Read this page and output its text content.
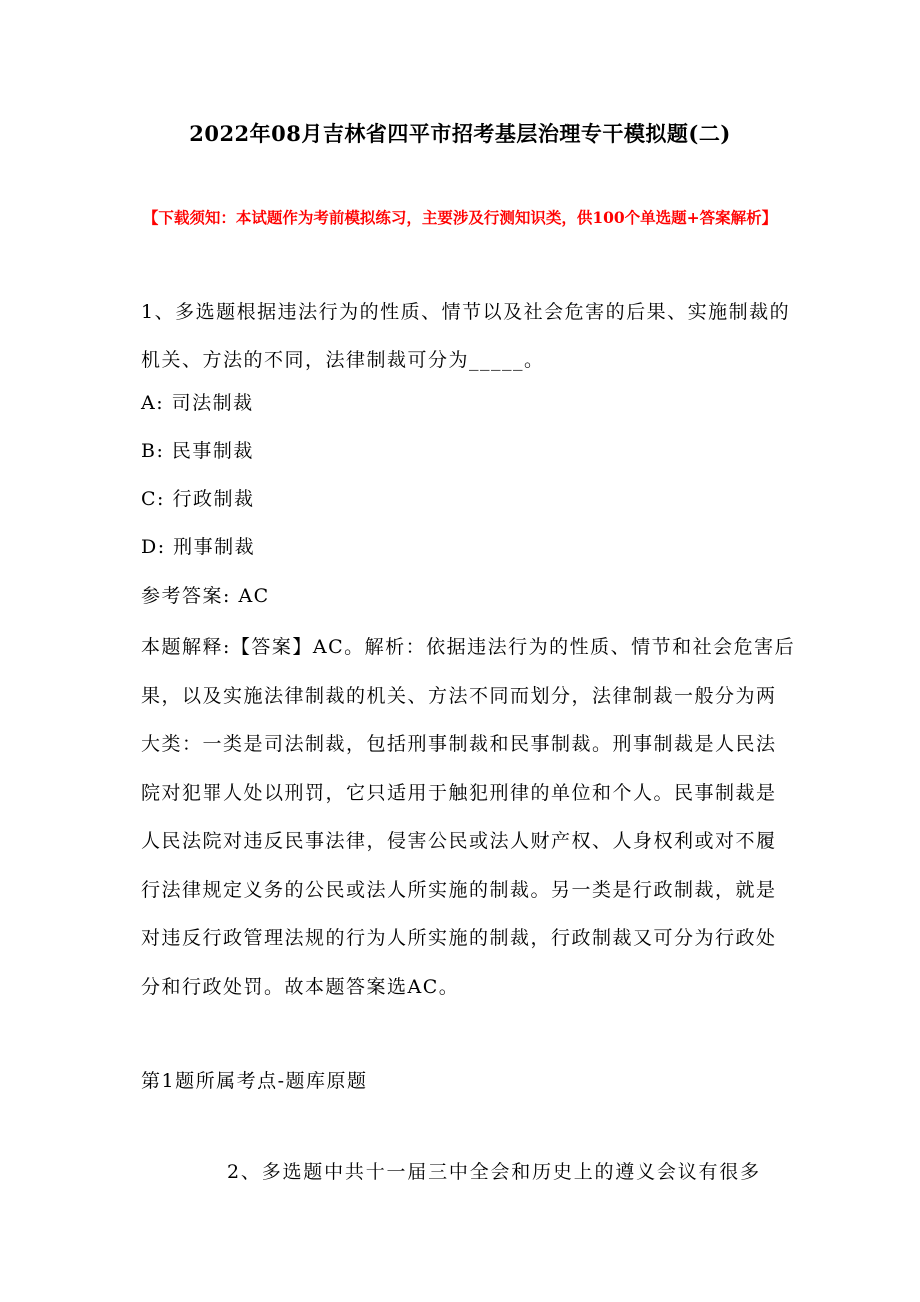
2022年08月吉林省四平市招考基层治理专干模拟题(二)
【下载须知：本试题作为考前模拟练习，主要涉及行测知识类，供100个单选题+答案解析】
1、多选题根据违法行为的性质、情节以及社会危害的后果、实施制裁的机关、方法的不同，法律制裁可分为_____。
A: 司法制裁
B: 民事制裁
C: 行政制裁
D: 刑事制裁
参考答案: AC
本题解释:【答案】AC。解析：依据违法行为的性质、情节和社会危害后果，以及实施法律制裁的机关、方法不同而划分，法律制裁一般分为两大类：一类是司法制裁，包括刑事制裁和民事制裁。刑事制裁是人民法院对犯罪人处以刑罚，它只适用于触犯刑律的单位和个人。民事制裁是人民法院对违反民事法律，侵害公民或法人财产权、人身权利或对不履行法律规定义务的公民或法人所实施的制裁。另一类是行政制裁，就是对违反行政管理法规的行为人所实施的制裁，行政制裁又可分为行政处分和行政处罚。故本题答案选AC。
第1题所属考点-题库原题
2、多选题中共十一届三中全会和历史上的遵义会议有很多
